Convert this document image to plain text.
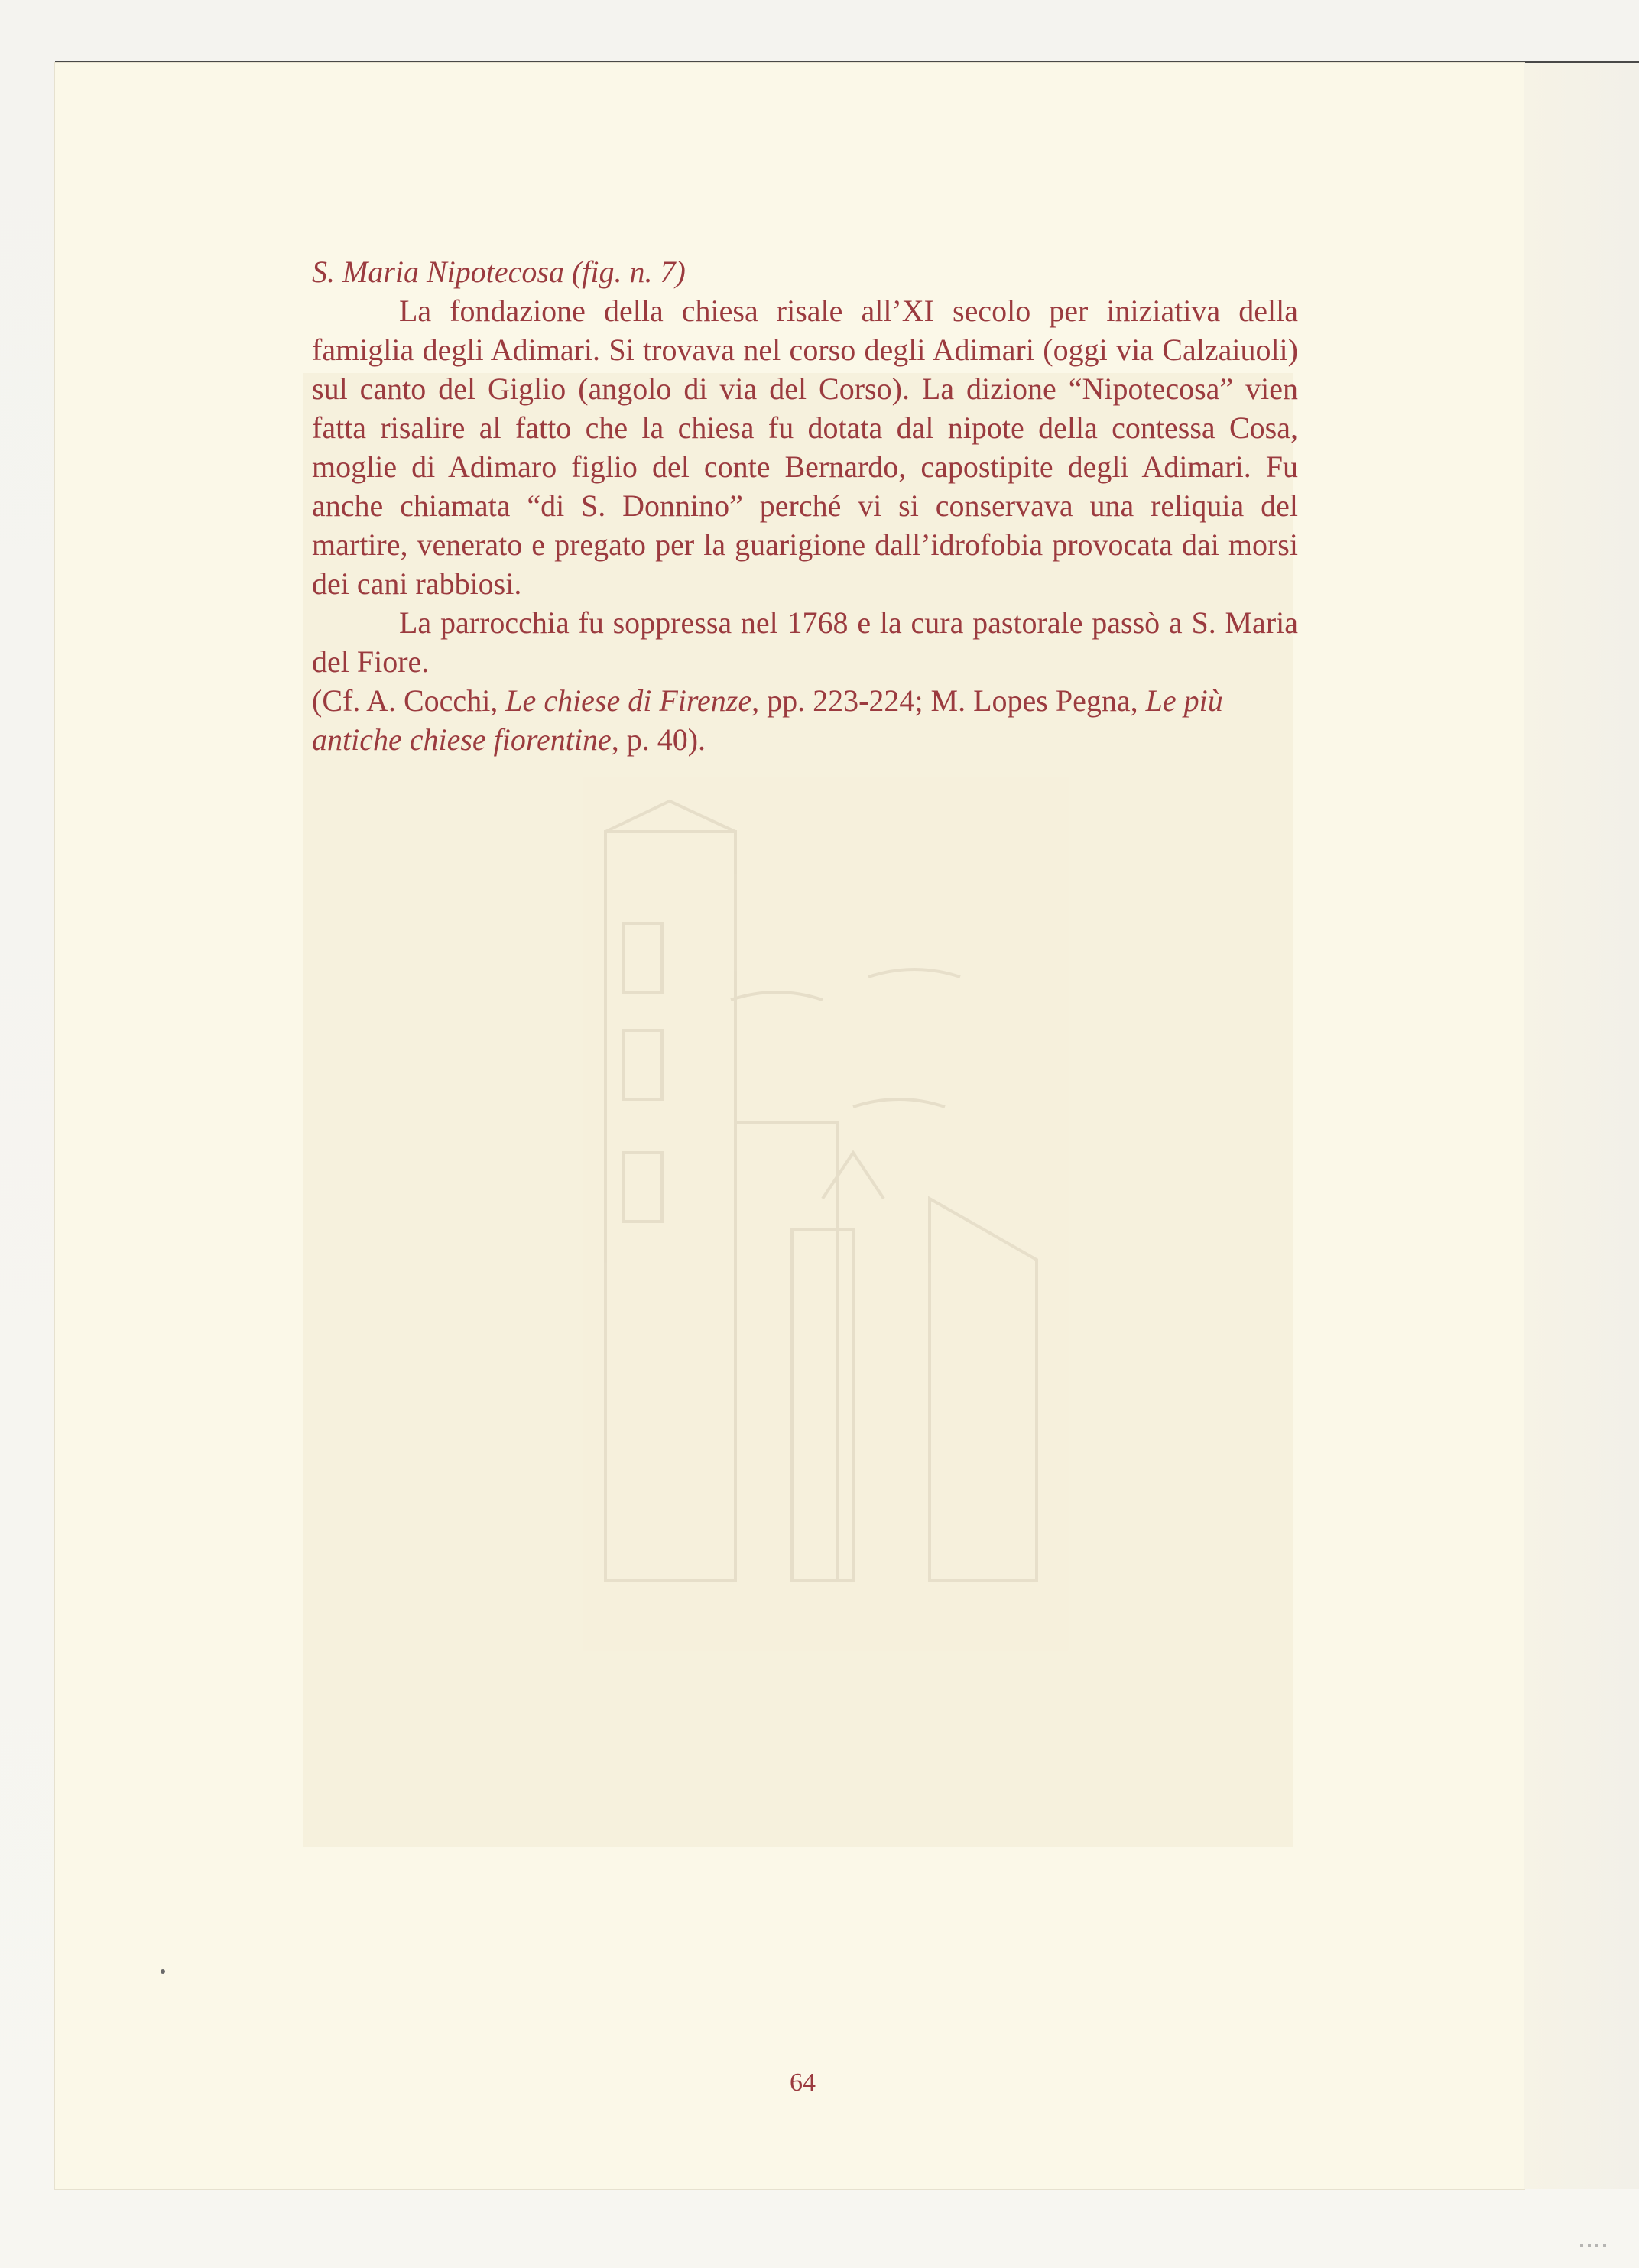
S. Maria Nipotecosa (fig. n. 7)

La fondazione della chiesa risale all’XI secolo per iniziativa della famiglia degli Adimari. Si trovava nel corso degli Adimari (oggi via Calzaiuoli) sul canto del Giglio (angolo di via del Corso). La dizione “Nipotecosa” vien fatta risalire al fatto che la chiesa fu dotata dal nipote della contessa Cosa, moglie di Adimaro figlio del conte Bernardo, capostipite degli Adimari. Fu anche chiamata “di S. Donnino” perché vi si conservava una reliquia del martire, venerato e pregato per la guarigione dall’idrofobia provocata dai morsi dei cani rabbiosi.

La parrocchia fu soppressa nel 1768 e la cura pastorale passò a S. Maria del Fiore.

(Cf. A. Cocchi, Le chiese di Firenze, pp. 223-224; M. Lopes Pegna, Le più antiche chiese fiorentine, p. 40).

64
